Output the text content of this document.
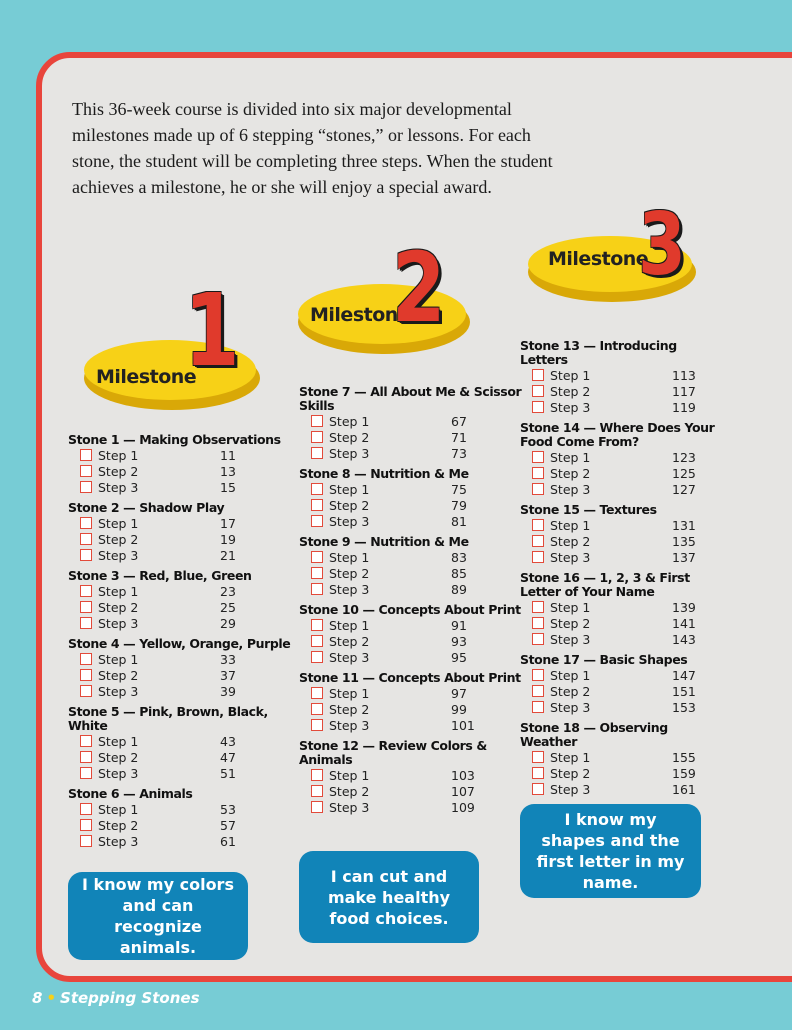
This 36-week course is divided into six major developmental milestones made up of 6 stepping “stones,” or lessons. For each stone, the student will be completing three steps. When the student achieves a milestone, he or she will enjoy a special award.

Milestone
1	Milestone
2	Milestone
3
Stone 1 — Making Observations
Step 1	11
Step 2	13
Step 3	15
Stone 2 — Shadow Play
Step 1	17
Step 2	19
Step 3	21
Stone 3 — Red, Blue, Green
Step 1	23
Step 2	25
Step 3	29
Stone 4 — Yellow, Orange, Purple
Step 1	33
Step 2	37
Step 3	39
Stone 5 — Pink, Brown, Black, White
Step 1	43
Step 2	47
Step 3	51
Stone 6 — Animals
Step 1	53
Step 2	57
Step 3	61
Stone 7 — All About Me & Scissor Skills
Step 1	67
Step 2	71
Step 3	73
Stone 8 — Nutrition & Me
Step 1	75
Step 2	79
Step 3	81
Stone 9 — Nutrition & Me
Step 1	83
Step 2	85
Step 3	89
Stone 10 — Concepts About Print
Step 1	91
Step 2	93
Step 3	95
Stone 11 — Concepts About Print
Step 1	97
Step 2	99
Step 3	101
Stone 12 — Review Colors & Animals
Step 1	103
Step 2	107
Step 3	109
Stone 13 — Introducing Letters
Step 1	113
Step 2	117
Step 3	119
Stone 14 — Where Does Your Food Come From?
Step 1	123
Step 2	125
Step 3	127
Stone 15 — Textures
Step 1	131
Step 2	135
Step 3	137
Stone 16 — 1, 2, 3 & First Letter of Your Name
Step 1	139
Step 2	141
Step 3	143
Stone 17 — Basic Shapes
Step 1	147
Step 2	151
Step 3	153
Stone 18 — Observing Weather
Step 1	155
Step 2	159
Step 3	161
I know my colors and can recognize animals.
I can cut and make healthy food choices.
I know my shapes and the first letter in my name.
8 • Stepping Stones
